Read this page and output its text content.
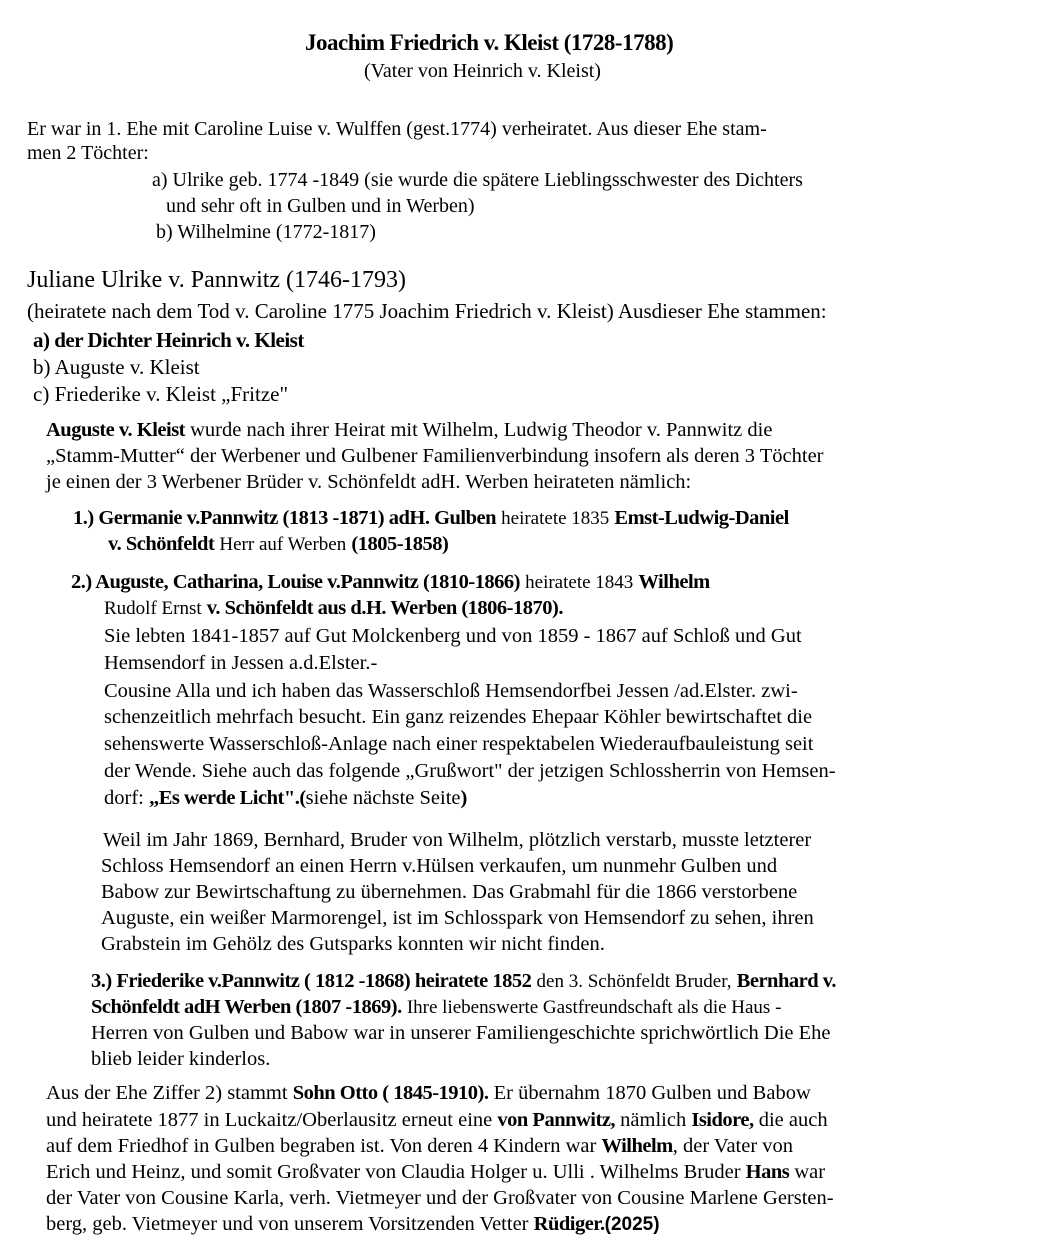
Joachim Friedrich v. Kleist (1728-1788)
(Vater von Heinrich v. Kleist)
Er war in 1. Ehe mit Caroline Luise v. Wulffen (gest.1774) verheiratet. Aus dieser Ehe stam-
men 2 Töchter:
a) Ulrike geb. 1774 -1849 (sie wurde die spätere Lieblingsschwester des Dichters
und sehr oft in Gulben und in Werben)
b) Wilhelmine (1772-1817)
Juliane Ulrike v. Pannwitz (1746-1793)
(heiratete nach dem Tod v. Caroline 1775 Joachim Friedrich v. Kleist) Ausdieser Ehe stammen:
a) der Dichter Heinrich v. Kleist
b) Auguste v. Kleist
c) Friederike v. Kleist „Fritze"
Auguste v. Kleist wurde nach ihrer Heirat mit Wilhelm, Ludwig Theodor v. Pannwitz die
„Stamm-Mutter“ der Werbener und Gulbener Familienverbindung insofern als deren 3 Töchter
je einen der 3 Werbener Brüder v. Schönfeldt adH. Werben heirateten nämlich:
1.) Germanie v.Pannwitz (1813 -1871) adH. Gulben heiratete 1835 Emst-Ludwig-Daniel
v. Schönfeldt Herr auf Werben (1805-1858)
2.) Auguste, Catharina, Louise v.Pannwitz (1810-1866) heiratete 1843 Wilhelm
Rudolf Ernst v. Schönfeldt aus d.H. Werben (1806-1870).
Sie lebten 1841-1857 auf Gut Molckenberg und von 1859 - 1867 auf Schloß und Gut
Hemsendorf in Jessen a.d.Elster.-
Cousine Alla und ich haben das Wasserschloß Hemsendorfbei Jessen /ad.Elster. zwi-
schenzeitlich mehrfach besucht. Ein ganz reizendes Ehepaar Köhler bewirtschaftet die
sehenswerte Wasserschloß-Anlage nach einer respektabelen Wiederaufbauleistung seit
der Wende. Siehe auch das folgende „Grußwort" der jetzigen Schlossherrin von Hemsen-
dorf: „Es werde Licht".(siehe nächste Seite)
Weil im Jahr 1869, Bernhard, Bruder von Wilhelm, plötzlich verstarb, musste letzterer
Schloss Hemsendorf an einen Herrn v.Hülsen verkaufen, um nunmehr Gulben und
Babow zur Bewirtschaftung zu übernehmen. Das Grabmahl für die 1866 verstorbene
Auguste, ein weißer Marmorengel, ist im Schlosspark von Hemsendorf zu sehen, ihren
Grabstein im Gehölz des Gutsparks konnten wir nicht finden.
3.) Friederike v.Pannwitz ( 1812 -1868) heiratete 1852 den 3. Schönfeldt Bruder, Bernhard v.
Schönfeldt adH Werben (1807 -1869). Ihre liebenswerte Gastfreundschaft als die Haus -
Herren von Gulben und Babow war in unserer Familiengeschichte sprichwörtlich Die Ehe
blieb leider kinderlos.
Aus der Ehe Ziffer 2) stammt Sohn Otto ( 1845-1910). Er übernahm 1870 Gulben und Babow
und heiratete 1877 in Luckaitz/Oberlausitz erneut eine von Pannwitz, nämlich Isidore, die auch
auf dem Friedhof in Gulben begraben ist. Von deren 4 Kindern war Wilhelm, der Vater von
Erich und Heinz, und somit Großvater von Claudia Holger u. Ulli . Wilhelms Bruder Hans war
der Vater von Cousine Karla, verh. Vietmeyer und der Großvater von Cousine Marlene Gersten-
berg, geb. Vietmeyer und von unserem Vorsitzenden Vetter Rüdiger.(2025)
